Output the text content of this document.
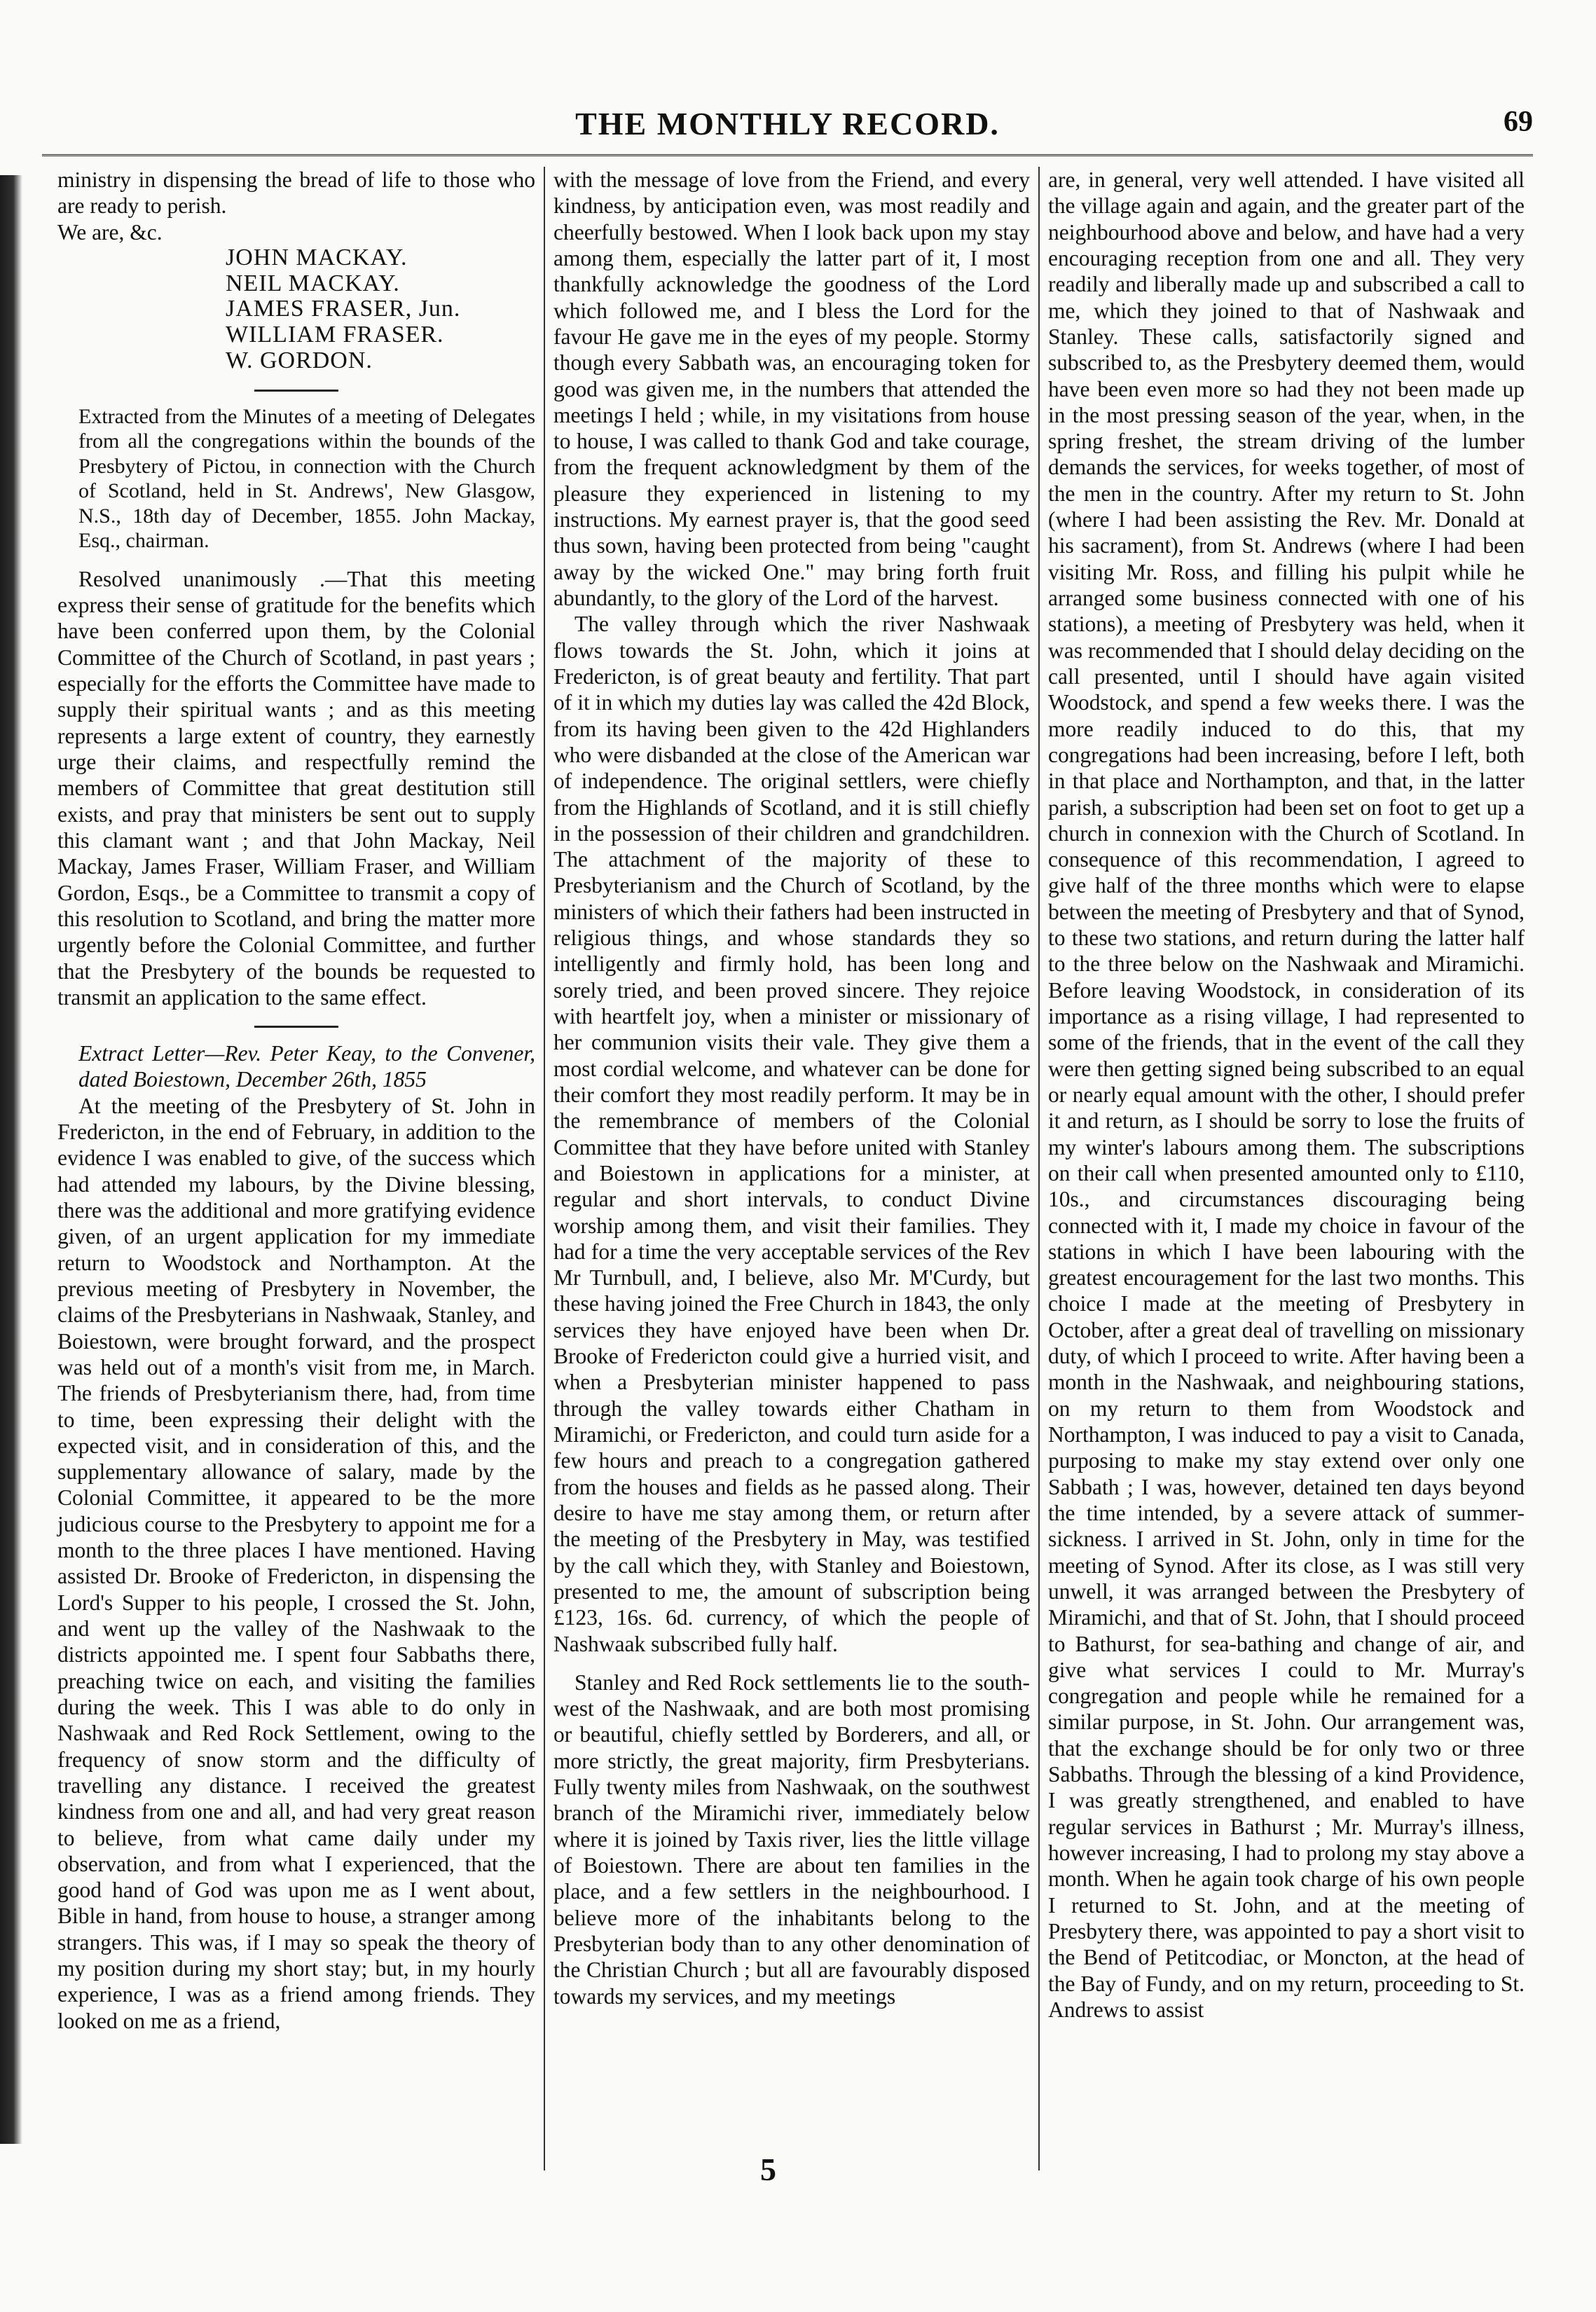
THE MONTHLY RECORD.	69

ministry in dispensing the bread of life to those who are ready to perish.

We are, &c.

JOHN MACKAY.
NEIL MACKAY.
JAMES FRASER, Jun.
WILLIAM FRASER.
W. GORDON.

Extracted from the Minutes of a meeting of Delegates from all the congregations within the bounds of the Presbytery of Pictou, in connection with the Church of Scotland, held in St. Andrews', New Glasgow, N.S., 18th day of December, 1855. John Mackay, Esq., chairman.

Resolved unanimously .—That this meeting express their sense of gratitude for the benefits which have been conferred upon them, by the Colonial Committee of the Church of Scotland, in past years ; especially for the efforts the Committee have made to supply their spiritual wants ; and as this meeting represents a large extent of country, they earnestly urge their claims, and respectfully remind the members of Committee that great destitution still exists, and pray that ministers be sent out to supply this clamant want ; and that John Mackay, Neil Mackay, James Fraser, William Fraser, and William Gordon, Esqs., be a Committee to transmit a copy of this resolution to Scotland, and bring the matter more urgently before the Colonial Committee, and further that the Presbytery of the bounds be requested to transmit an application to the same effect.

Extract Letter—Rev. Peter Keay, to the Convener, dated Boiestown, December 26th, 1855

At the meeting of the Presbytery of St. John in Fredericton, in the end of February, in addition to the evidence I was enabled to give, of the success which had attended my labours, by the Divine blessing, there was the additional and more gratifying evidence given, of an urgent application for my immediate return to Woodstock and Northampton. At the previous meeting of Presbytery in November, the claims of the Presbyterians in Nashwaak, Stanley, and Boiestown, were brought forward, and the prospect was held out of a month's visit from me, in March. The friends of Presbyterianism there, had, from time to time, been expressing their delight with the expected visit, and in consideration of this, and the supplementary allowance of salary, made by the Colonial Committee, it appeared to be the more judicious course to the Presbytery to appoint me for a month to the three places I have mentioned. Having assisted Dr. Brooke of Fredericton, in dispensing the Lord's Supper to his people, I crossed the St. John, and went up the valley of the Nashwaak to the districts appointed me. I spent four Sabbaths there, preaching twice on each, and visiting the families during the week. This I was able to do only in Nashwaak and Red Rock Settlement, owing to the frequency of snow storm and the difficulty of travelling any distance. I received the greatest kindness from one and all, and had very great reason to believe, from what came daily under my observation, and from what I experienced, that the good hand of God was upon me as I went about, Bible in hand, from house to house, a stranger among strangers. This was, if I may so speak the theory of my position during my short stay; but, in my hourly experience, I was as a friend among friends. They looked on me as a friend,

with the message of love from the Friend, and every kindness, by anticipation even, was most readily and cheerfully bestowed. When I look back upon my stay among them, especially the latter part of it, I most thankfully acknowledge the goodness of the Lord which followed me, and I bless the Lord for the favour He gave me in the eyes of my people. Stormy though every Sabbath was, an encouraging token for good was given me, in the numbers that attended the meetings I held ; while, in my visitations from house to house, I was called to thank God and take courage, from the frequent acknowledgment by them of the pleasure they experienced in listening to my instructions. My earnest prayer is, that the good seed thus sown, having been protected from being "caught away by the wicked One." may bring forth fruit abundantly, to the glory of the Lord of the harvest.

The valley through which the river Nashwaak flows towards the St. John, which it joins at Fredericton, is of great beauty and fertility. That part of it in which my duties lay was called the 42d Block, from its having been given to the 42d Highlanders who were disbanded at the close of the American war of independence. The original settlers, were chiefly from the Highlands of Scotland, and it is still chiefly in the possession of their children and grandchildren. The attachment of the majority of these to Presbyterianism and the Church of Scotland, by the ministers of which their fathers had been instructed in religious things, and whose standards they so intelligently and firmly hold, has been long and sorely tried, and been proved sincere. They rejoice with heartfelt joy, when a minister or missionary of her communion visits their vale. They give them a most cordial welcome, and whatever can be done for their comfort they most readily perform. It may be in the remembrance of members of the Colonial Committee that they have before united with Stanley and Boiestown in applications for a minister, at regular and short intervals, to conduct Divine worship among them, and visit their families. They had for a time the very acceptable services of the Rev Mr Turnbull, and, I believe, also Mr. M'Curdy, but these having joined the Free Church in 1843, the only services they have enjoyed have been when Dr. Brooke of Fredericton could give a hurried visit, and when a Presbyterian minister happened to pass through the valley towards either Chatham in Miramichi, or Fredericton, and could turn aside for a few hours and preach to a congregation gathered from the houses and fields as he passed along. Their desire to have me stay among them, or return after the meeting of the Presbytery in May, was testified by the call which they, with Stanley and Boiestown, presented to me, the amount of subscription being £123, 16s. 6d. currency, of which the people of Nashwaak subscribed fully half.

Stanley and Red Rock settlements lie to the south-west of the Nashwaak, and are both most promising or beautiful, chiefly settled by Borderers, and all, or more strictly, the great majority, firm Presbyterians. Fully twenty miles from Nashwaak, on the southwest branch of the Miramichi river, immediately below where it is joined by Taxis river, lies the little village of Boiestown. There are about ten families in the place, and a few settlers in the neighbourhood. I believe more of the inhabitants belong to the Presbyterian body than to any other denomination of the Christian Church ; but all are favourably disposed towards my services, and my meetings

are, in general, very well attended. I have visited all the village again and again, and the greater part of the neighbourhood above and below, and have had a very encouraging reception from one and all. They very readily and liberally made up and subscribed a call to me, which they joined to that of Nashwaak and Stanley. These calls, satisfactorily signed and subscribed to, as the Presbytery deemed them, would have been even more so had they not been made up in the most pressing season of the year, when, in the spring freshet, the stream driving of the lumber demands the services, for weeks together, of most of the men in the country. After my return to St. John (where I had been assisting the Rev. Mr. Donald at his sacrament), from St. Andrews (where I had been visiting Mr. Ross, and filling his pulpit while he arranged some business connected with one of his stations), a meeting of Presbytery was held, when it was recommended that I should delay deciding on the call presented, until I should have again visited Woodstock, and spend a few weeks there. I was the more readily induced to do this, that my congregations had been increasing, before I left, both in that place and Northampton, and that, in the latter parish, a subscription had been set on foot to get up a church in connexion with the Church of Scotland. In consequence of this recommendation, I agreed to give half of the three months which were to elapse between the meeting of Presbytery and that of Synod, to these two stations, and return during the latter half to the three below on the Nashwaak and Miramichi. Before leaving Woodstock, in consideration of its importance as a rising village, I had represented to some of the friends, that in the event of the call they were then getting signed being subscribed to an equal or nearly equal amount with the other, I should prefer it and return, as I should be sorry to lose the fruits of my winter's labours among them. The subscriptions on their call when presented amounted only to £110, 10s., and circumstances discouraging being connected with it, I made my choice in favour of the stations in which I have been labouring with the greatest encouragement for the last two months. This choice I made at the meeting of Presbytery in October, after a great deal of travelling on missionary duty, of which I proceed to write. After having been a month in the Nashwaak, and neighbouring stations, on my return to them from Woodstock and Northampton, I was induced to pay a visit to Canada, purposing to make my stay extend over only one Sabbath ; I was, however, detained ten days beyond the time intended, by a severe attack of summer-sickness. I arrived in St. John, only in time for the meeting of Synod. After its close, as I was still very unwell, it was arranged between the Presbytery of Miramichi, and that of St. John, that I should proceed to Bathurst, for sea-bathing and change of air, and give what services I could to Mr. Murray's congregation and people while he remained for a similar purpose, in St. John. Our arrangement was, that the exchange should be for only two or three Sabbaths. Through the blessing of a kind Providence, I was greatly strengthened, and enabled to have regular services in Bathurst ; Mr. Murray's illness, however increasing, I had to prolong my stay above a month. When he again took charge of his own people I returned to St. John, and at the meeting of Presbytery there, was appointed to pay a short visit to the Bend of Petitcodiac, or Moncton, at the head of the Bay of Fundy, and on my return, proceeding to St. Andrews to assist

5
